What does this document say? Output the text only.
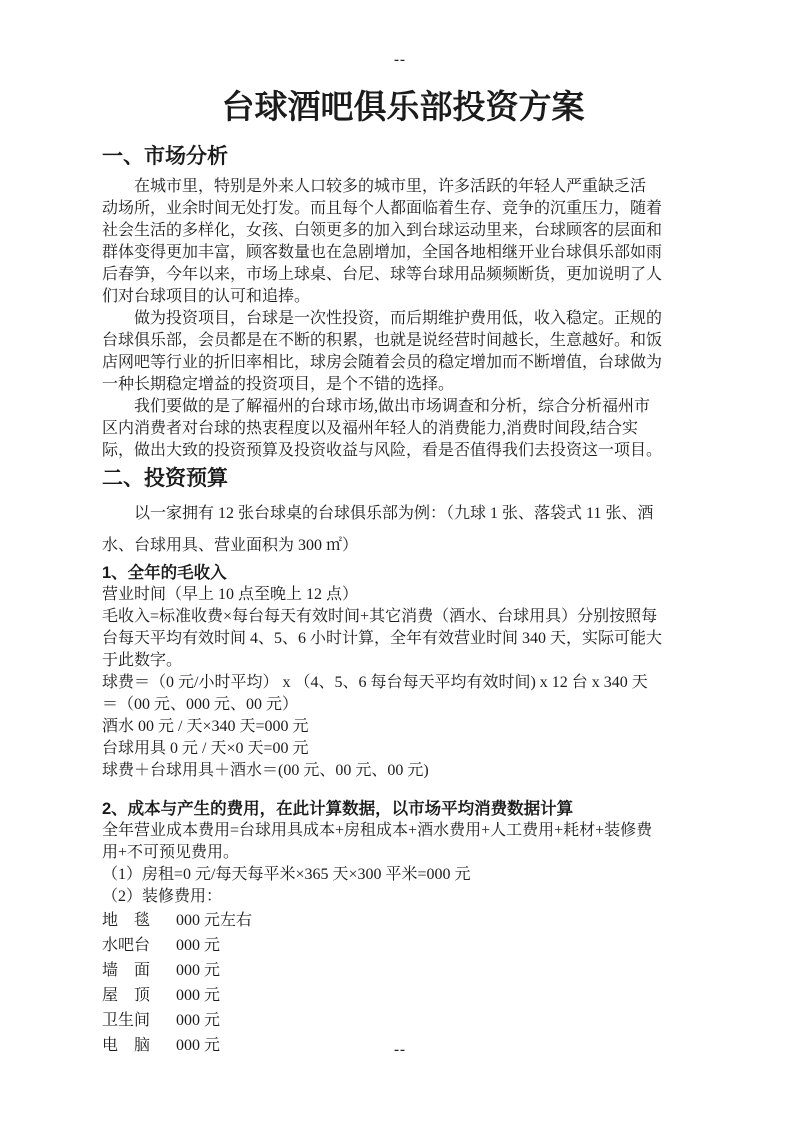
--
台球酒吧俱乐部投资方案
一、市场分析
在城市里，特别是外来人口较多的城市里，许多活跃的年轻人严重缺乏活
动场所，业余时间无处打发。而且每个人都面临着生存、竞争的沉重压力，随着
社会生活的多样化，女孩、白领更多的加入到台球运动里来，台球顾客的层面和
群体变得更加丰富，顾客数量也在急剧增加，全国各地相继开业台球俱乐部如雨
后春笋，今年以来，市场上球桌、台尼、球等台球用品频频断货，更加说明了人
们对台球项目的认可和追捧。
做为投资项目，台球是一次性投资，而后期维护费用低，收入稳定。正规的
台球俱乐部，会员都是在不断的积累，也就是说经营时间越长，生意越好。和饭
店网吧等行业的折旧率相比，球房会随着会员的稳定增加而不断增值，台球做为
一种长期稳定增益的投资项目，是个不错的选择。
我们要做的是了解福州的台球市场,做出市场调查和分析，综合分析福州市
区内消费者对台球的热衷程度以及福州年轻人的消费能力,消费时间段,结合实
际，做出大致的投资预算及投资收益与风险，看是否值得我们去投资这一项目。
二、投资预算
以一家拥有 12 张台球桌的台球俱乐部为例：（九球 1 张、落袋式 11 张、酒
水、台球用具、营业面积为 300 ㎡）
1、全年的毛收入
营业时间（早上 10 点至晚上 12 点）
毛收入=标准收费×每台每天有效时间+其它消费（酒水、台球用具）分别按照每
台每天平均有效时间 4、5、6 小时计算，全年有效营业时间 340 天，实际可能大
于此数字。
球费＝（0 元/小时平均） x （4、5、6 每台每天平均有效时间) x 12 台 x 340 天
＝（00 元、000 元、00 元）
酒水 00 元 / 天×340 天=000 元
台球用具 0 元 / 天×0 天=00 元
球费＋台球用具＋酒水＝(00 元、00 元、00 元)
2、成本与产生的费用，在此计算数据，以市场平均消费数据计算
全年营业成本费用=台球用具成本+房租成本+酒水费用+人工费用+耗材+装修费
用+不可预见费用。
（1）房租=0 元/每天每平米×365 天×300 平米=000 元
（2）装修费用：
地　毯 000 元左右
水吧台 000 元
墙　面 000 元
屋　顶 000 元
卫生间 000 元
电　脑 000 元	--
